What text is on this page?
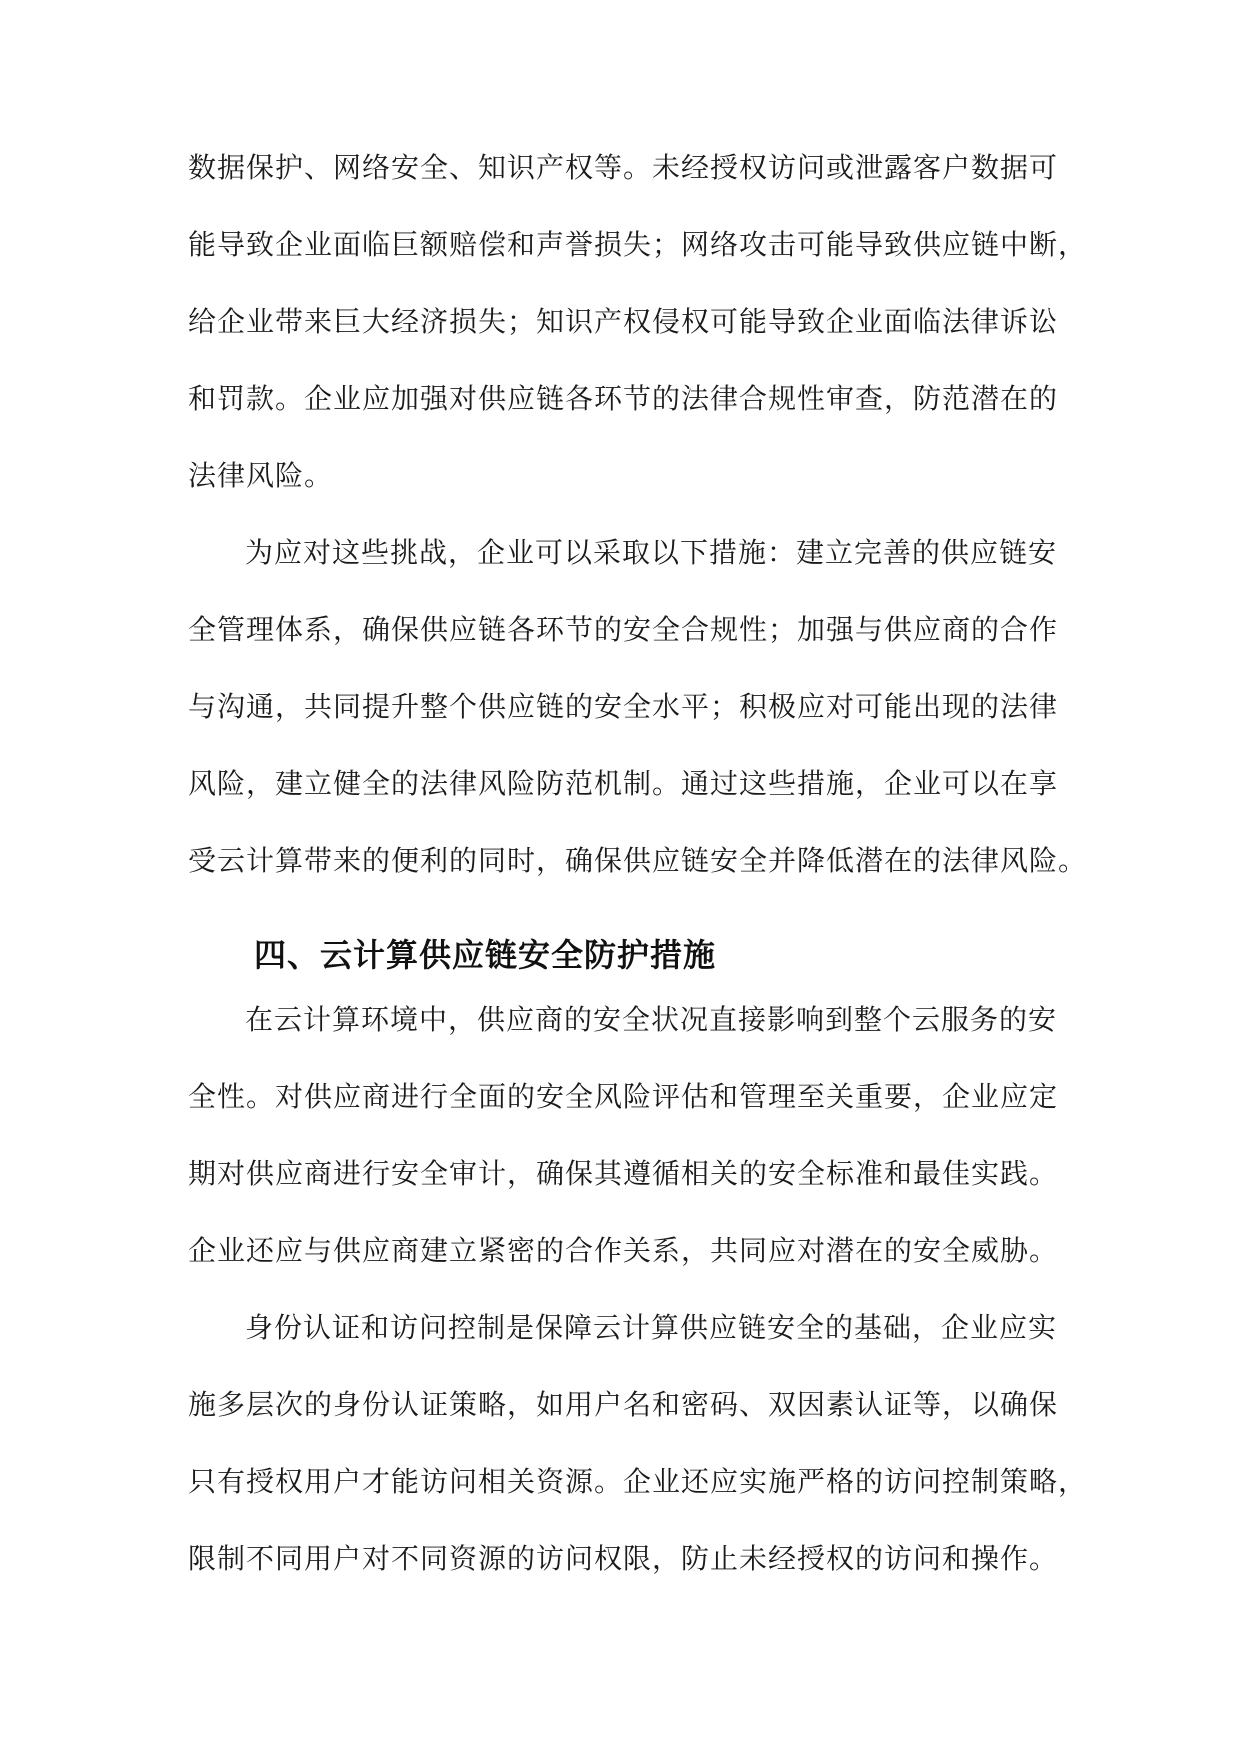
数据保护、网络安全、知识产权等。未经授权访问或泄露客户数据可
能导致企业面临巨额赔偿和声誉损失；网络攻击可能导致供应链中断，
给企业带来巨大经济损失；知识产权侵权可能导致企业面临法律诉讼
和罚款。企业应加强对供应链各环节的法律合规性审查，防范潜在的
法律风险。
为应对这些挑战，企业可以采取以下措施：建立完善的供应链安
全管理体系，确保供应链各环节的安全合规性；加强与供应商的合作
与沟通，共同提升整个供应链的安全水平；积极应对可能出现的法律
风险，建立健全的法律风险防范机制。通过这些措施，企业可以在享
受云计算带来的便利的同时，确保供应链安全并降低潜在的法律风险。
四、云计算供应链安全防护措施
在云计算环境中，供应商的安全状况直接影响到整个云服务的安
全性。对供应商进行全面的安全风险评估和管理至关重要，企业应定
期对供应商进行安全审计，确保其遵循相关的安全标准和最佳实践。
企业还应与供应商建立紧密的合作关系，共同应对潜在的安全威胁。
身份认证和访问控制是保障云计算供应链安全的基础，企业应实
施多层次的身份认证策略，如用户名和密码、双因素认证等，以确保
只有授权用户才能访问相关资源。企业还应实施严格的访问控制策略，
限制不同用户对不同资源的访问权限，防止未经授权的访问和操作。
